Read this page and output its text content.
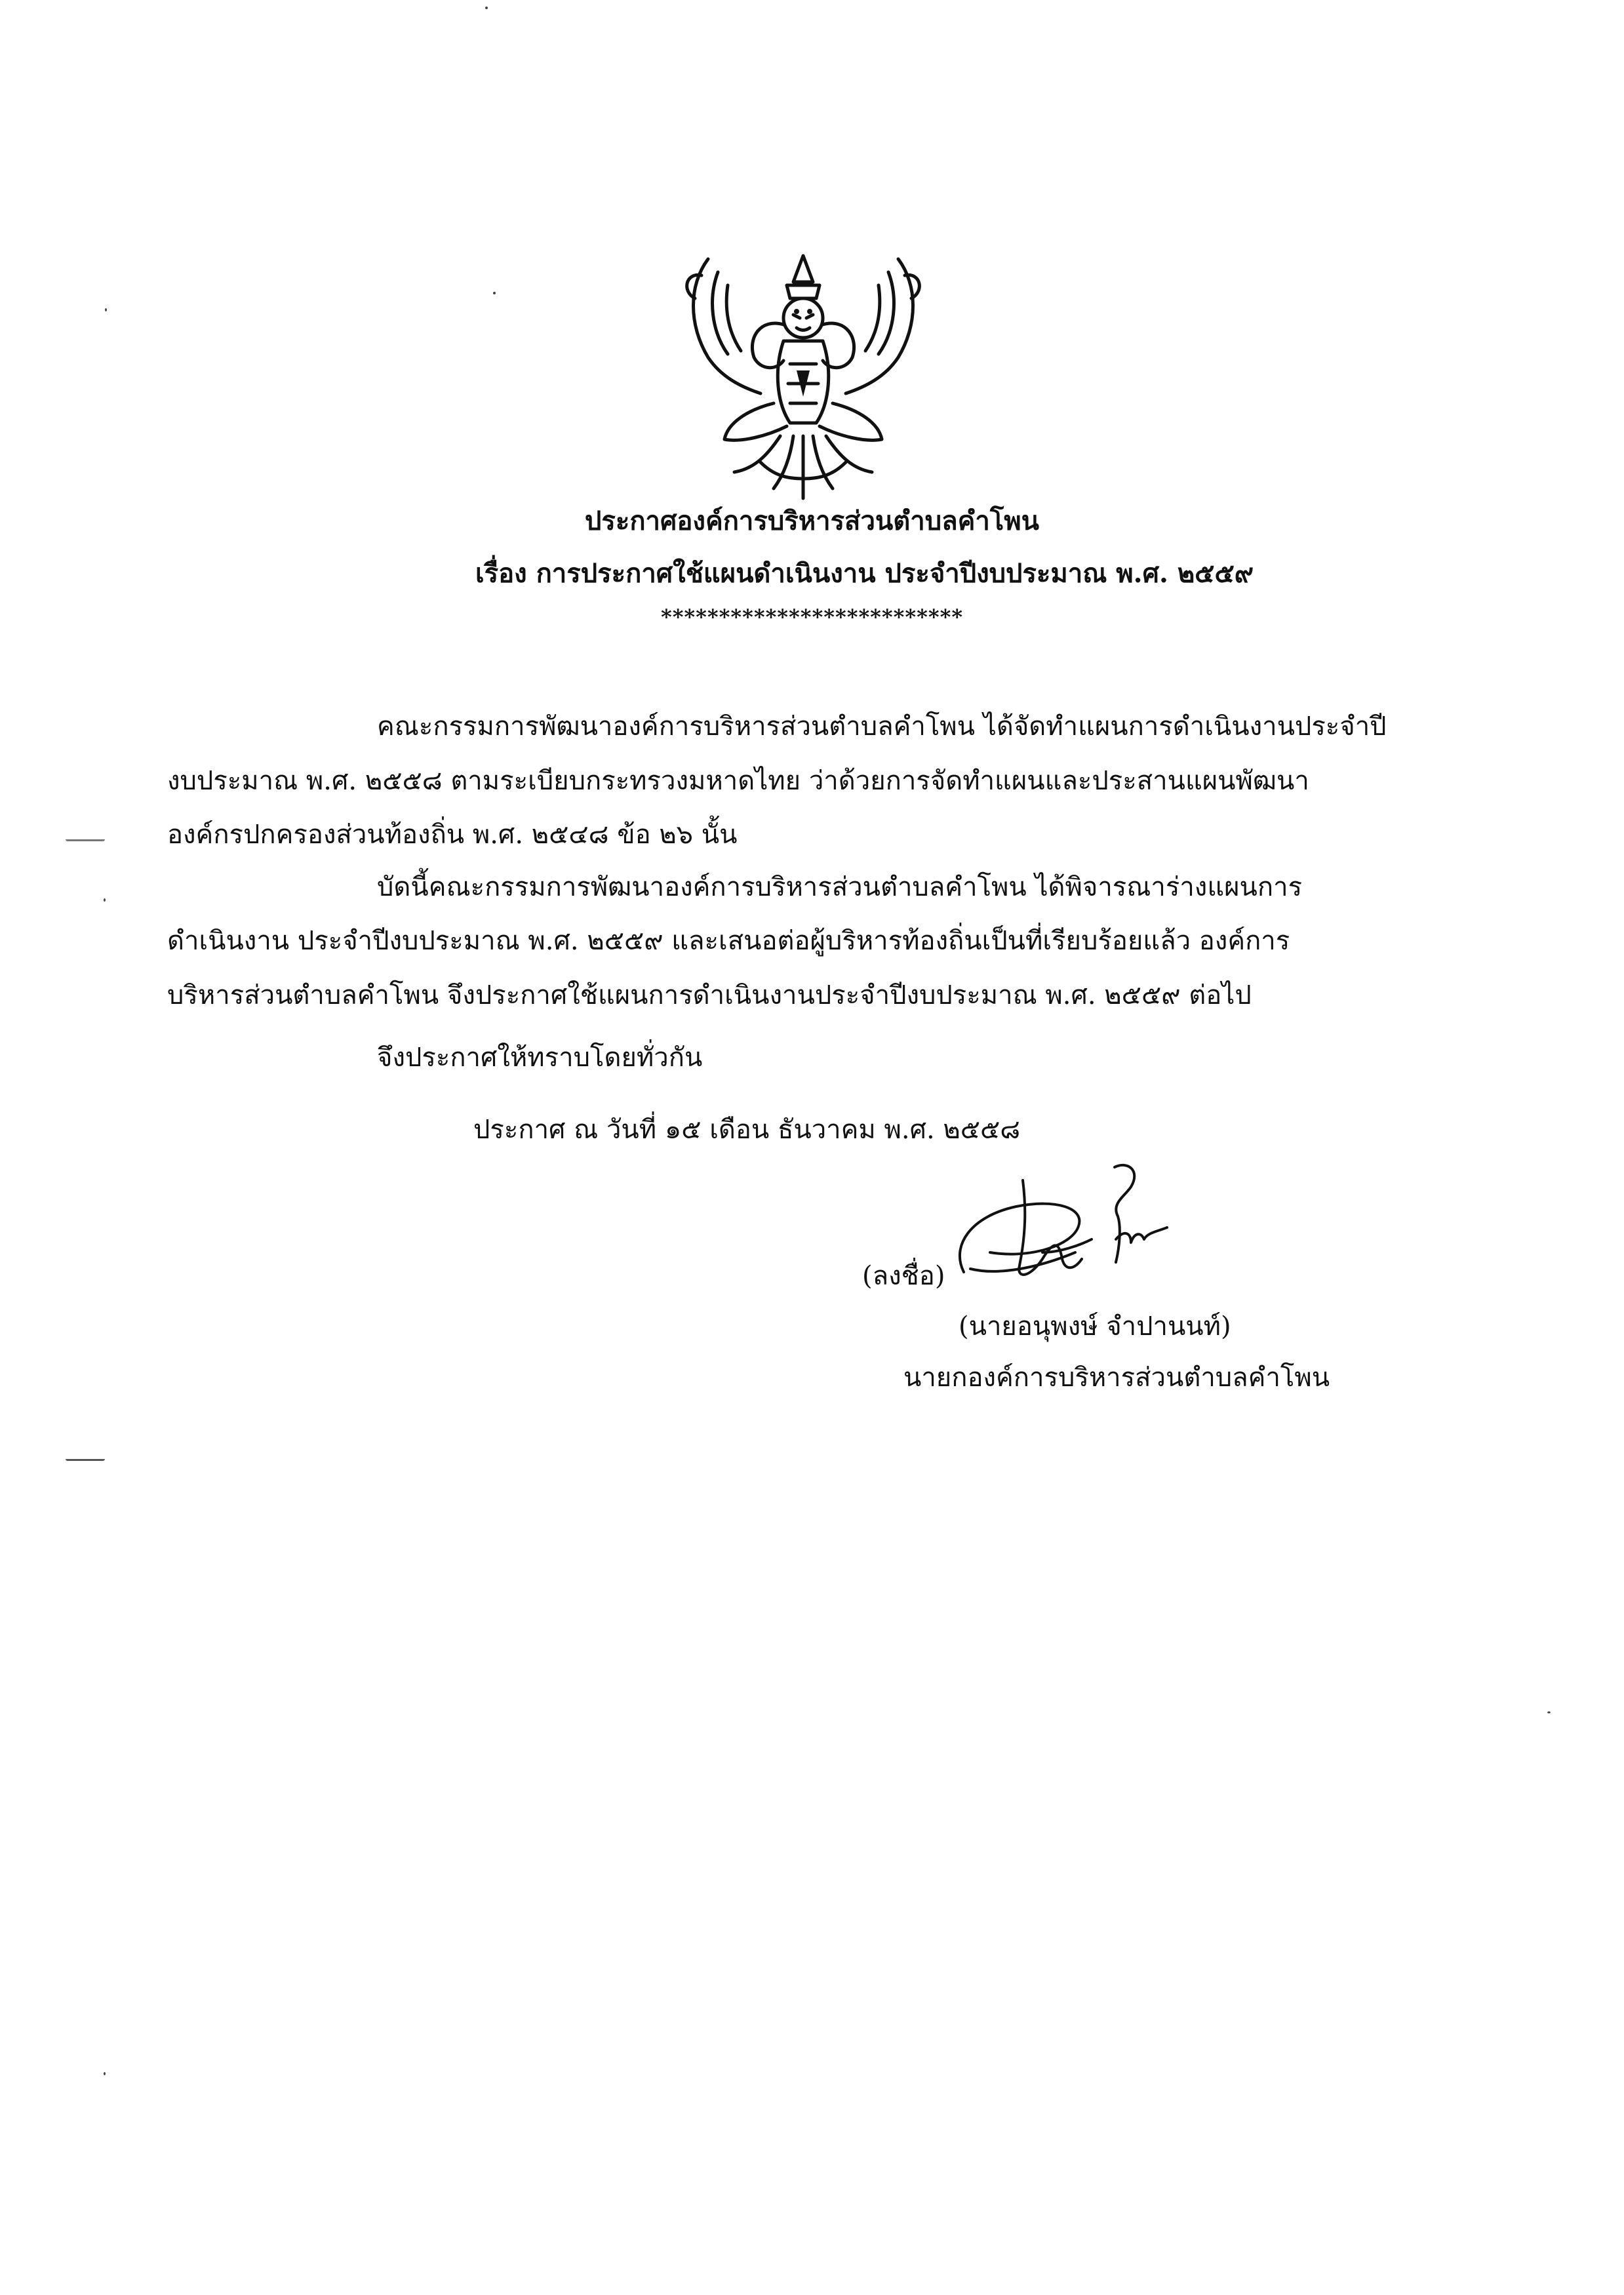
ประกาศองค์การบริหารส่วนตำบลคำโพน
เรื่อง การประกาศใช้แผนดำเนินงาน ประจำปีงบประมาณ พ.ศ. ๒๕๕๙
**************************
คณะกรรมการพัฒนาองค์การบริหารส่วนตำบลคำโพน ได้จัดทำแผนการดำเนินงานประจำปี
งบประมาณ พ.ศ. ๒๕๕๘ ตามระเบียบกระทรวงมหาดไทย ว่าด้วยการจัดทำแผนและประสานแผนพัฒนา
องค์กรปกครองส่วนท้องถิ่น พ.ศ. ๒๕๔๘ ข้อ ๒๖ นั้น
บัดนี้คณะกรรมการพัฒนาองค์การบริหารส่วนตำบลคำโพน ได้พิจารณาร่างแผนการ
ดำเนินงาน ประจำปีงบประมาณ พ.ศ. ๒๕๕๙ และเสนอต่อผู้บริหารท้องถิ่นเป็นที่เรียบร้อยแล้ว องค์การ
บริหารส่วนตำบลคำโพน จึงประกาศใช้แผนการดำเนินงานประจำปีงบประมาณ พ.ศ. ๒๕๕๙ ต่อไป
จึงประกาศให้ทราบโดยทั่วกัน
ประกาศ ณ วันที่ ๑๕ เดือน ธันวาคม พ.ศ. ๒๕๕๘
(ลงชื่อ)
(นายอนุพงษ์ จำปานนท์)
นายกองค์การบริหารส่วนตำบลคำโพน
